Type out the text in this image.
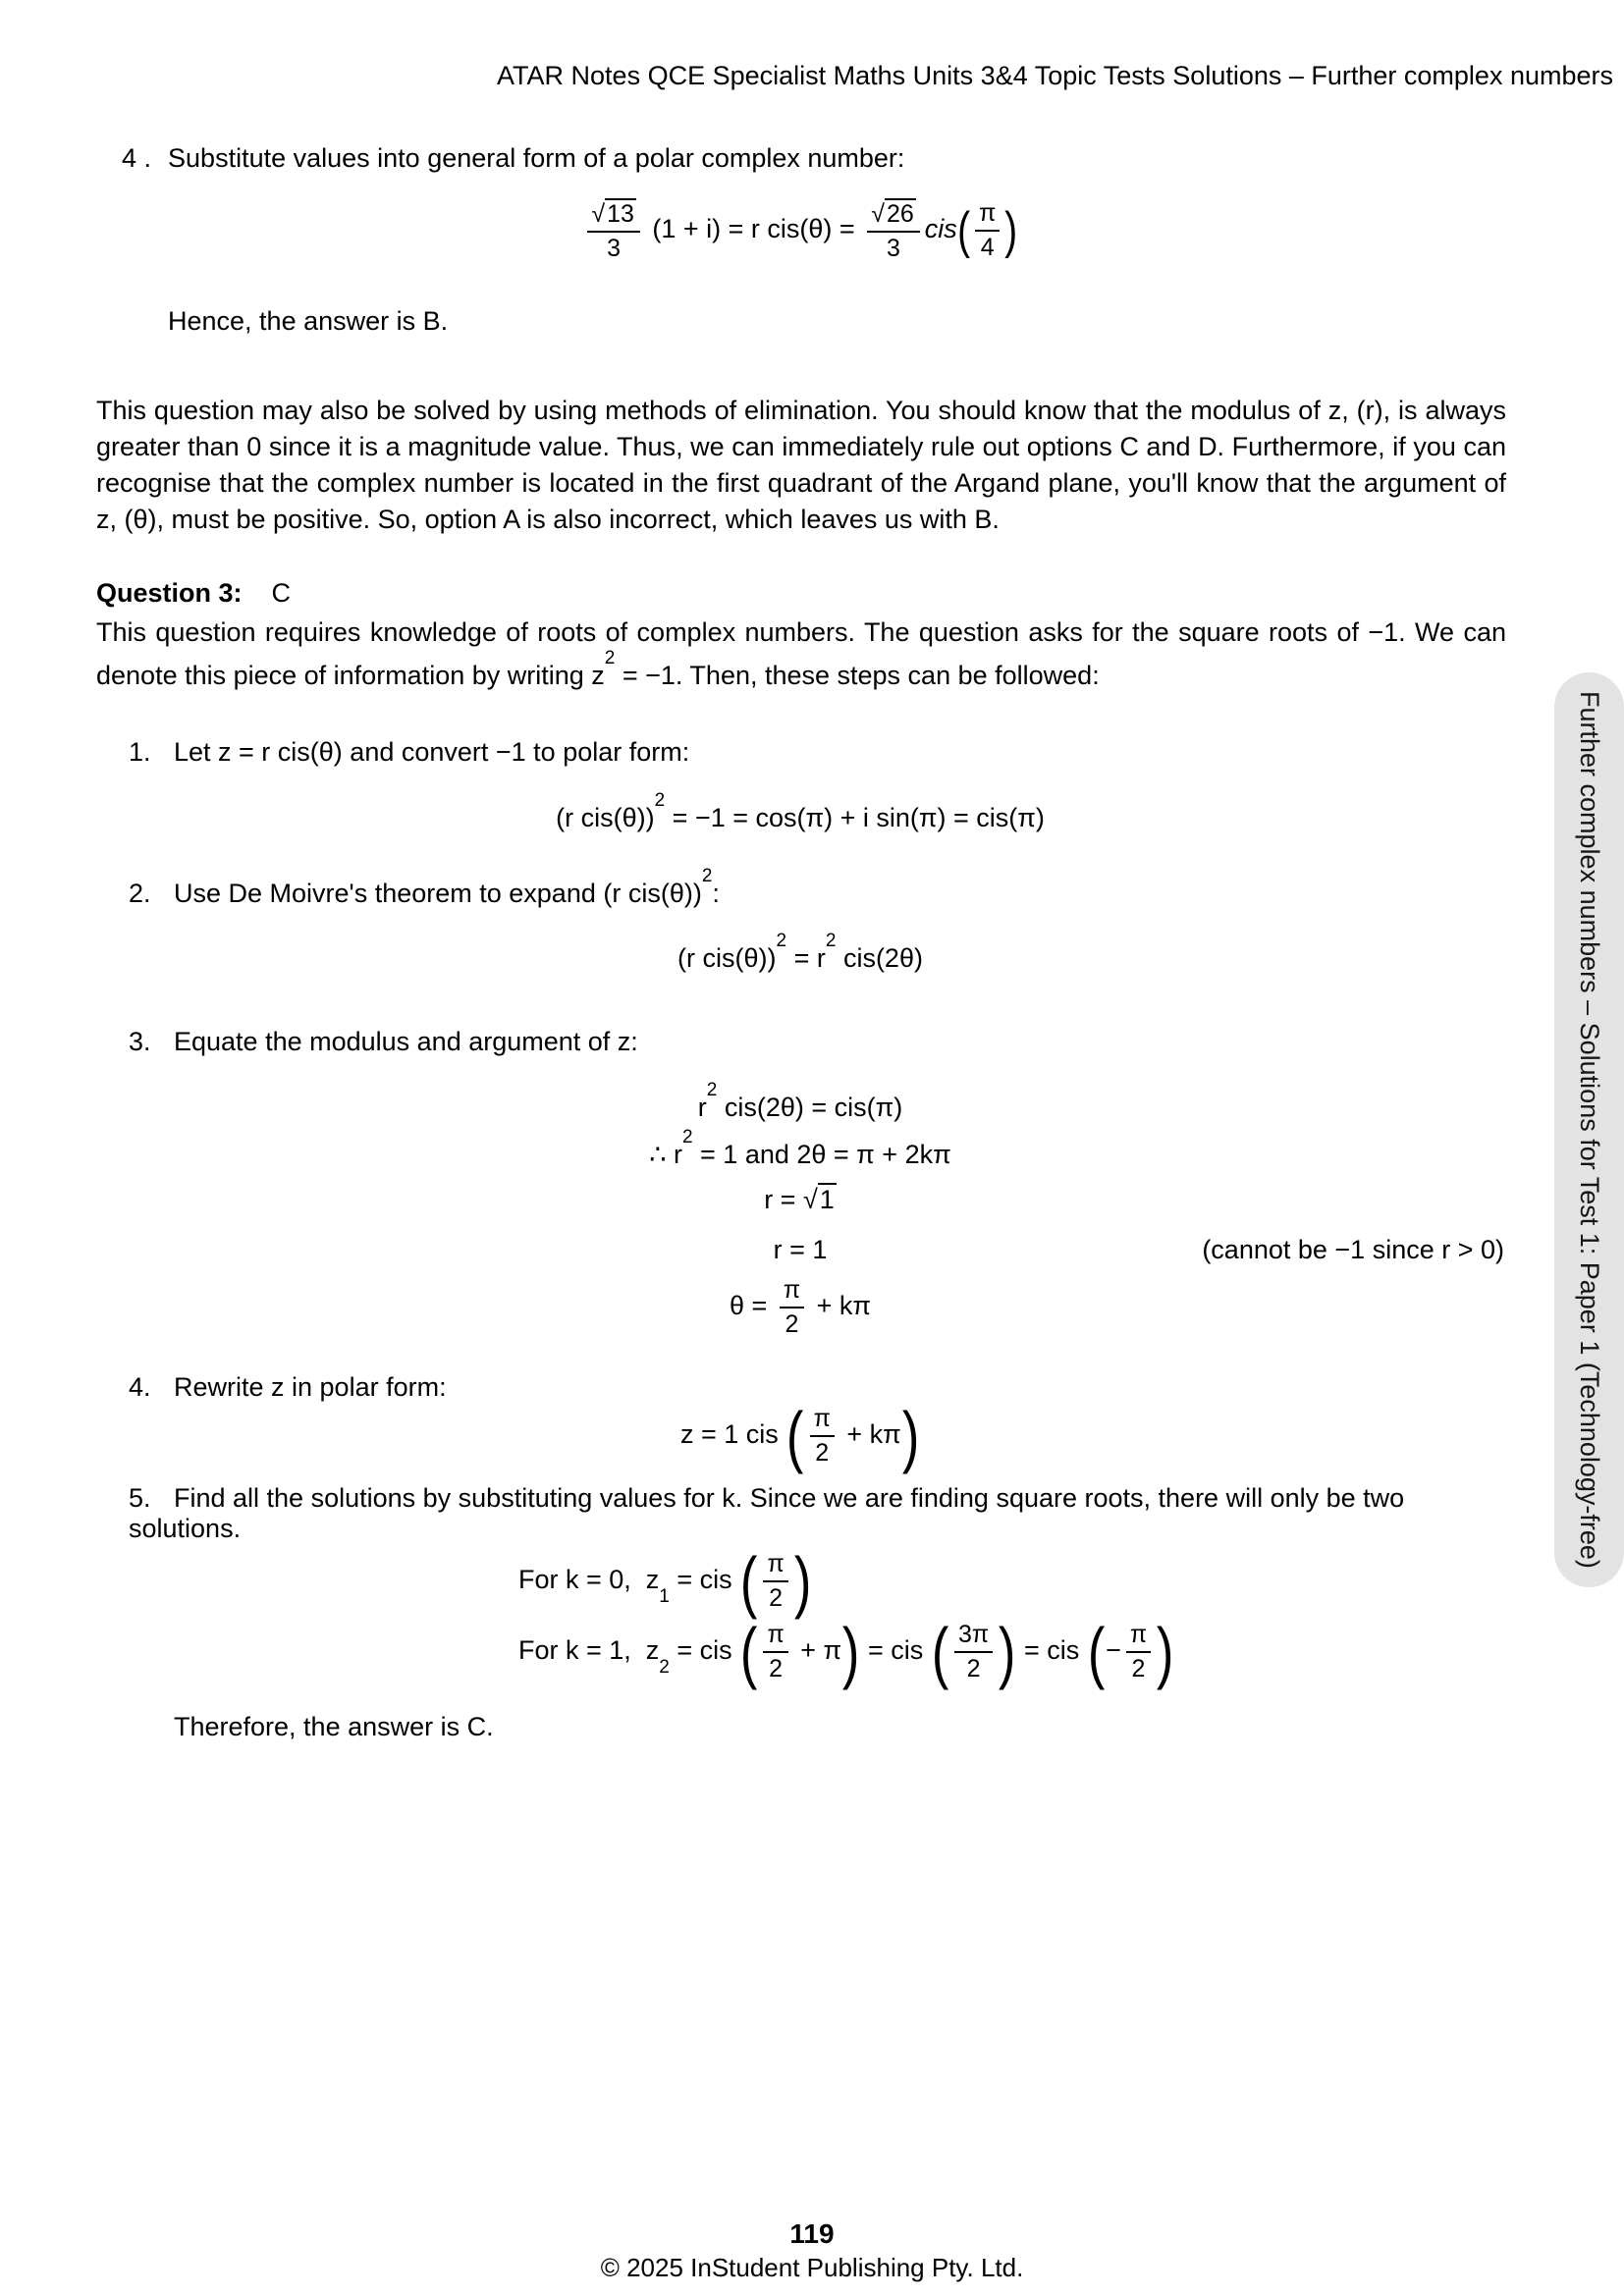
ATAR Notes QCE Specialist Maths Units 3&4 Topic Tests Solutions – Further complex numbers
4 . Substitute values into general form of a polar complex number:
$\frac{√13}{3} (1 + i) = r$ $cis(\theta) = \frac{√26}{3} cis( \frac{\pi}{4}$ )
Hence, the answer is B.
This question may also be solved by using methods of elimination. You should know that the modulus of z, (r), is always greater than 0 since it is a magnitude value. Thus, we can immediately rule out options C and D. Furthermore, if you can recognise that the complex number is located in the first quadrant of the Argand plane, you'll know that the argument of z, (θ), must be positive. So, option A is also incorrect, which leaves us with B.
Question 3: C
This question requires knowledge of roots of complex numbers. The question asks for the square roots of −1. We can denote this piece of information by writing $z^2 = -1$. Then, these steps can be followed:
1. Let z = r cis(θ) and convert −1 to polar form:
(r cis(θ))$^2$ = −1 = cos(π) + i sin(π) = cis(π)
2. Use De Moivre's theorem to expand (r cis(θ))$^2$:
(r $cis(\theta))^2 = r^2$ cis(2θ)
3. Equate the modulus and argument of z:
$r^2$ cis(2θ) = cis(π)
∴ $r^2 = 1$ and 2θ = π + 2kπ
r = √1
r = 1	(cannot be −1 since r > 0)
$\theta = \frac{\pi}{2} + k\pi$
4. Rewrite z in polar form:
z = 1 cis ( $\frac{\pi}{2} + k\pi$)
5. Find all the solutions by substituting values for k. Since we are finding square roots, there will only be two solutions.
For k = 0,  $z_1$ = cis ( $\frac{\pi}{2}$ )
For k = 1,  $z_2$ = cis ( $\frac{\pi}{2} + \pi$) = cis ( $\frac{3\pi}{2}$ ) = cis (− $\frac{\pi}{2}$ )
Therefore, the answer is C.
Further complex numbers – Solutions for Test 1: Paper 1 (Technology-free)
119
© 2025 InStudent Publishing Pty. Ltd.
